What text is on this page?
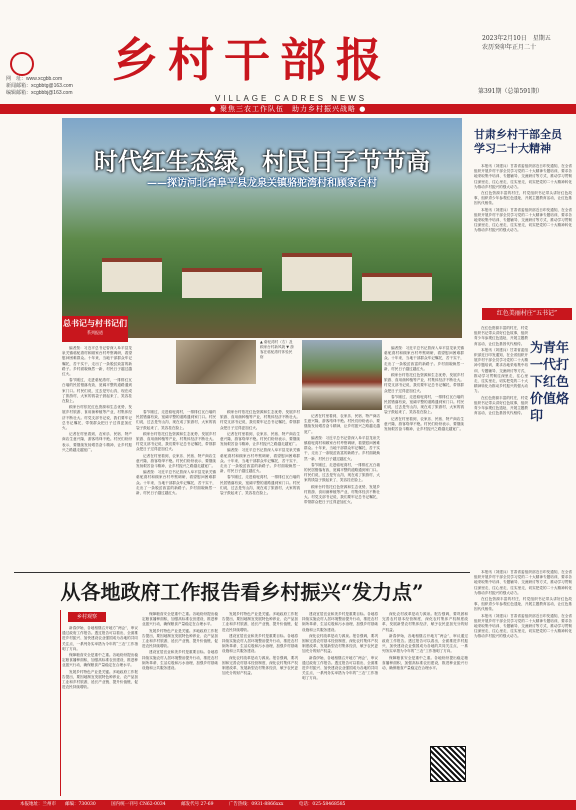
乡村干部报
VILLAGE CADRES NEWS
网　址：www.xcgbb.com
新闻邮箱：xcgbbtg@163.com
编辑邮箱：xcgbbbj@163.com
2023年2月10日　星期五
农历癸卯年正月二十
第391期（总第591期）
● 聚焦三农工作队伍　助力乡村振兴战略 ●
时代红生态绿，村民日子节节高
——探访河北省阜平县龙泉关镇骆驼湾村和顾家台村
总书记与村书记们
系列报道
▲ 骆驼湾村（右）及顾家台村新风貌 ▼ 游客在骆驼湾村体验民宿

编者按：习近平总书记曾深入阜平县龙泉关镇骆驼湾村和顾家台村考察调研，看望慰问困难群众。十年来，当地干部群众牢记嘱托，苦干实干，走出了一条脱贫致富的新路子。乡村面貌焕然一新，村民日子越过越红火。

春节刚过，走进骆驼湾村，一排排红瓦白墙的民居错落有致，宽阔平整的道路通到家门口。村民们说，过去是穷山沟，现在成了旅游村，大家的钱袋子鼓起来了，笑容挂在脸上。

顾家台村依托红色资源和生态优势，发展乡村旅游、食用菌种植等产业，村集体经济不断壮大。村党支部书记说，我们要牢记总书记嘱托，带领群众把日子过得更加红火。

记者在村里看到，农家乐、民宿、特产商店生意兴隆，游客络绎不绝。村民们纷纷表示，要继续发扬艰苦奋斗精神，让乡村振兴之路越走越宽广。

春节刚过，走进骆驼湾村，一排排红瓦白墙的民居错落有致，宽阔平整的道路通到家门口。村民们说，过去是穷山沟，现在成了旅游村，大家的钱袋子鼓起来了，笑容挂在脸上。

顾家台村依托红色资源和生态优势，发展乡村旅游、食用菌种植等产业，村集体经济不断壮大。村党支部书记说，我们要牢记总书记嘱托，带领群众把日子过得更加红火。

记者在村里看到，农家乐、民宿、特产商店生意兴隆，游客络绎不绝。村民们纷纷表示，要继续发扬艰苦奋斗精神，让乡村振兴之路越走越宽广。

编者按：习近平总书记曾深入阜平县龙泉关镇骆驼湾村和顾家台村考察调研，看望慰问困难群众。十年来，当地干部群众牢记嘱托，苦干实干，走出了一条脱贫致富的新路子。乡村面貌焕然一新，村民日子越过越红火。

顾家台村依托红色资源和生态优势，发展乡村旅游、食用菌种植等产业，村集体经济不断壮大。村党支部书记说，我们要牢记总书记嘱托，带领群众把日子过得更加红火。

记者在村里看到，农家乐、民宿、特产商店生意兴隆，游客络绎不绝。村民们纷纷表示，要继续发扬艰苦奋斗精神，让乡村振兴之路越走越宽广。

编者按：习近平总书记曾深入阜平县龙泉关镇骆驼湾村和顾家台村考察调研，看望慰问困难群众。十年来，当地干部群众牢记嘱托，苦干实干，走出了一条脱贫致富的新路子。乡村面貌焕然一新，村民日子越过越红火。

春节刚过，走进骆驼湾村，一排排红瓦白墙的民居错落有致，宽阔平整的道路通到家门口。村民们说，过去是穷山沟，现在成了旅游村，大家的钱袋子鼓起来了，笑容挂在脸上。

记者在村里看到，农家乐、民宿、特产商店生意兴隆，游客络绎不绝。村民们纷纷表示，要继续发扬艰苦奋斗精神，让乡村振兴之路越走越宽广。

编者按：习近平总书记曾深入阜平县龙泉关镇骆驼湾村和顾家台村考察调研，看望慰问困难群众。十年来，当地干部群众牢记嘱托，苦干实干，走出了一条脱贫致富的新路子。乡村面貌焕然一新，村民日子越过越红火。

春节刚过，走进骆驼湾村，一排排红瓦白墙的民居错落有致，宽阔平整的道路通到家门口。村民们说，过去是穷山沟，现在成了旅游村，大家的钱袋子鼓起来了，笑容挂在脸上。

顾家台村依托红色资源和生态优势，发展乡村旅游、食用菌种植等产业，村集体经济不断壮大。村党支部书记说，我们要牢记总书记嘱托，带领群众把日子过得更加红火。

编者按：习近平总书记曾深入阜平县龙泉关镇骆驼湾村和顾家台村考察调研，看望慰问困难群众。十年来，当地干部群众牢记嘱托，苦干实干，走出了一条脱贫致富的新路子。乡村面貌焕然一新，村民日子越过越红火。

顾家台村依托红色资源和生态优势，发展乡村旅游、食用菌种植等产业，村集体经济不断壮大。村党支部书记说，我们要牢记总书记嘱托，带领群众把日子过得更加红火。

春节刚过，走进骆驼湾村，一排排红瓦白墙的民居错落有致，宽阔平整的道路通到家门口。村民们说，过去是穷山沟，现在成了旅游村，大家的钱袋子鼓起来了，笑容挂在脸上。

记者在村里看到，农家乐、民宿、特产商店生意兴隆，游客络绎不绝。村民们纷纷表示，要继续发扬艰苦奋斗精神，让乡村振兴之路越走越宽广。

甘肃乡村干部全员学习二十大精神

本报讯（刘建兵）甘肃省委组织部近日印发通知，在全省组织开展乡村干部全员学习党的二十大精神专题培训，要求各地采取集中培训、专题辅导、交流研讨等方式，推动学习贯彻往深里走、往心里走、往实里走，切实把党的二十大精神转化为推动乡村振兴的强大动力。

在红色资源丰富的村庄，村党组织书记带头讲好红色故事，组织青少年参观红色遗址，开展主题教育活动，让红色基因代代相传。

本报讯（刘建兵）甘肃省委组织部近日印发通知，在全省组织开展乡村干部全员学习党的二十大精神专题培训，要求各地采取集中培训、专题辅导、交流研讨等方式，推动学习贯彻往深里走、往心里走、往实里走，切实把党的二十大精神转化为推动乡村振兴的强大动力。

红色美丽村庄“五书记”
为青年一代打下红色价值烙印

在红色资源丰富的村庄，村党组织书记带头讲好红色故事，组织青少年参观红色遗址，开展主题教育活动，让红色基因代代相传。

本报讯（刘建兵）甘肃省委组织部近日印发通知，在全省组织开展乡村干部全员学习党的二十大精神专题培训，要求各地采取集中培训、专题辅导、交流研讨等方式，推动学习贯彻往深里走、往心里走、往实里走，切实把党的二十大精神转化为推动乡村振兴的强大动力。

在红色资源丰富的村庄，村党组织书记带头讲好红色故事，组织青少年参观红色遗址，开展主题教育活动，让红色基因代代相传。

本报讯（刘建兵）甘肃省委组织部近日印发通知，在全省组织开展乡村干部全员学习党的二十大精神专题培训，要求各地采取集中培训、专题辅导、交流研讨等方式，推动学习贯彻往深里走、往心里走、往实里走，切实把党的二十大精神转化为推动乡村振兴的强大动力。

在红色资源丰富的村庄，村党组织书记带头讲好红色故事，组织青少年参观红色遗址，开展主题教育活动，让红色基因代代相传。

本报讯（刘建兵）甘肃省委组织部近日印发通知，在全省组织开展乡村干部全员学习党的二十大精神专题培训，要求各地采取集中培训、专题辅导、交流研讨等方式，推动学习贯彻往深里走、往心里走、往实里走，切实把党的二十大精神转化为推动乡村振兴的强大动力。

从各地政府工作报告看乡村振兴“发力点”
乡村观察

新春伊始，各地相继召开地方“两会”，审议通过政府工作报告。透过报告可以看出，全面推进乡村振兴、加快建设农业强国成为各地的共同关注点，一系列务实举措为今年的“三农”工作指明了方向。

保障粮食安全是重中之重。各地纷纷提出稳定粮食播种面积，加强高标准农田建设，推进种业振兴行动，确保粮食产量稳定在合理水平。

发展乡村特色产业是关键。多地政府工作报告提出，要因地制宜发展特色种养业、农产品加工业和乡村旅游，延长产业链、提升价值链，促进农民持续增收。

保障粮食安全是重中之重。各地纷纷提出稳定粮食播种面积，加强高标准农田建设，推进种业振兴行动，确保粮食产量稳定在合理水平。

发展乡村特色产业是关键。多地政府工作报告提出，要因地制宜发展特色种养业、农产品加工业和乡村旅游，延长产业链、提升价值链，促进农民持续增收。

建设宜居宜业和美乡村是重要目标。各地将持续实施农村人居环境整治提升行动，推进农村厕所革命、生活垃圾和污水治理，加强乡村基础设施和公共服务建设。

发展乡村特色产业是关键。多地政府工作报告提出，要因地制宜发展特色种养业、农产品加工业和乡村旅游，延长产业链、提升价值链，促进农民持续增收。

建设宜居宜业和美乡村是重要目标。各地将持续实施农村人居环境整治提升行动，推进农村厕所革命、生活垃圾和污水治理，加强乡村基础设施和公共服务建设。

深化农村改革是动力源泉。报告强调，要巩固和完善农村基本经营制度，深化农村集体产权制度改革，发展新型农村集体经济，赋予农民更加充分的财产权益。

建设宜居宜业和美乡村是重要目标。各地将持续实施农村人居环境整治提升行动，推进农村厕所革命、生活垃圾和污水治理，加强乡村基础设施和公共服务建设。

深化农村改革是动力源泉。报告强调，要巩固和完善农村基本经营制度，深化农村集体产权制度改革，发展新型农村集体经济，赋予农民更加充分的财产权益。

新春伊始，各地相继召开地方“两会”，审议通过政府工作报告。透过报告可以看出，全面推进乡村振兴、加快建设农业强国成为各地的共同关注点，一系列务实举措为今年的“三农”工作指明了方向。

深化农村改革是动力源泉。报告强调，要巩固和完善农村基本经营制度，深化农村集体产权制度改革，发展新型农村集体经济，赋予农民更加充分的财产权益。

新春伊始，各地相继召开地方“两会”，审议通过政府工作报告。透过报告可以看出，全面推进乡村振兴、加快建设农业强国成为各地的共同关注点，一系列务实举措为今年的“三农”工作指明了方向。

保障粮食安全是重中之重。各地纷纷提出稳定粮食播种面积，加强高标准农田建设，推进种业振兴行动，确保粮食产量稳定在合理水平。

本报地址：兰州市　　邮编：730030	国内统一刊号 CN62-0034	邮发代号 27-69	广告热线：0931-8866xxx	电话：025-58468585
